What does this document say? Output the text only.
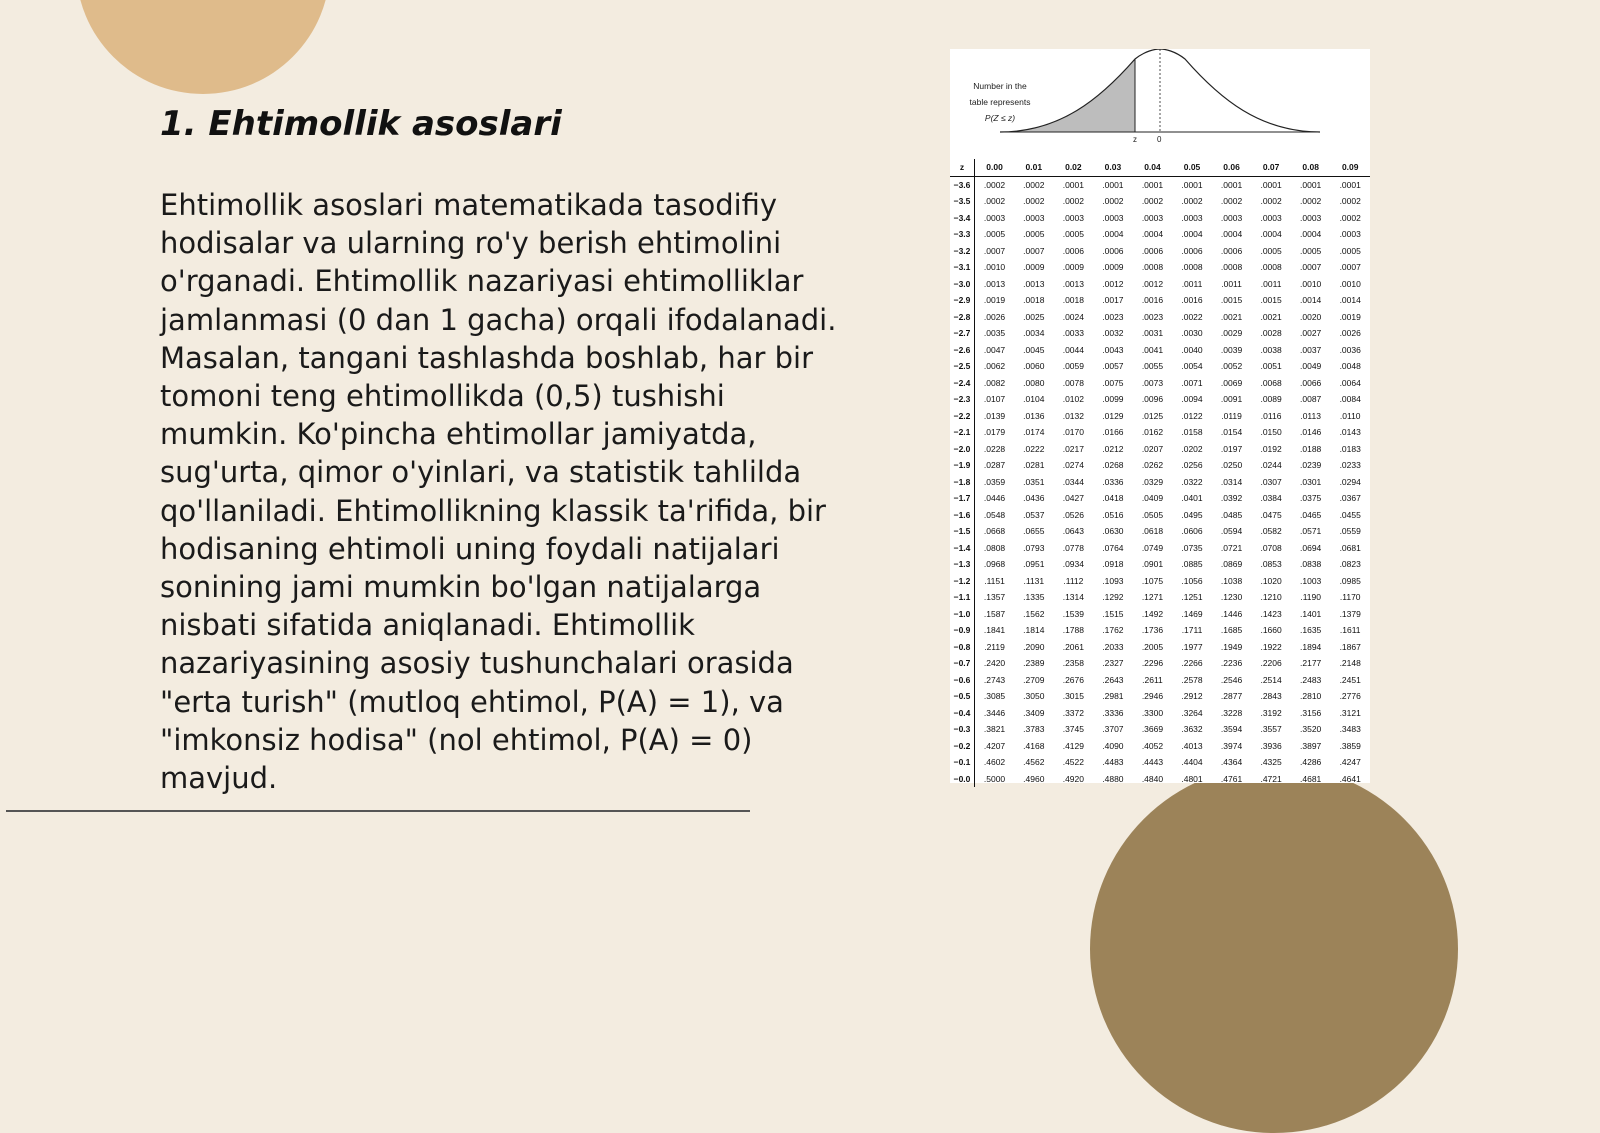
1. Ehtimollik asoslari

Ehtimollik asoslari matematikada tasodifiy hodisalar va ularning ro'y berish ehtimolini o'rganadi. Ehtimollik nazariyasi ehtimolliklar jamlanmasi (0 dan 1 gacha) orqali ifodalanadi. Masalan, tangani tashlashda boshlab, har bir tomoni teng ehtimollikda (0,5) tushishi mumkin. Ko'pincha ehtimollar jamiyatda, sug'urta, qimor o'yinlari, va statistik tahlilda qo'llaniladi. Ehtimollikning klassik ta'rifida, bir hodisaning ehtimoli uning foydali natijalari sonining jami mumkin bo'lgan natijalarga nisbati sifatida aniqlanadi. Ehtimollik nazariyasining asosiy tushunchalari orasida "erta turish" (mutloq ehtimol, P(A) = 1), va "imkonsiz hodisa" (nol ehtimol, P(A) = 0) mavjud.

Number in the
table represents
P(Z ≤ z)
z	0
z	0.00	0.01	0.02	0.03	0.04	0.05	0.06	0.07	0.08	0.09
−3.6	.0002	.0002	.0001	.0001	.0001	.0001	.0001	.0001	.0001	.0001
−3.5	.0002	.0002	.0002	.0002	.0002	.0002	.0002	.0002	.0002	.0002
−3.4	.0003	.0003	.0003	.0003	.0003	.0003	.0003	.0003	.0003	.0002
−3.3	.0005	.0005	.0005	.0004	.0004	.0004	.0004	.0004	.0004	.0003
−3.2	.0007	.0007	.0006	.0006	.0006	.0006	.0006	.0005	.0005	.0005
−3.1	.0010	.0009	.0009	.0009	.0008	.0008	.0008	.0008	.0007	.0007
−3.0	.0013	.0013	.0013	.0012	.0012	.0011	.0011	.0011	.0010	.0010
−2.9	.0019	.0018	.0018	.0017	.0016	.0016	.0015	.0015	.0014	.0014
−2.8	.0026	.0025	.0024	.0023	.0023	.0022	.0021	.0021	.0020	.0019
−2.7	.0035	.0034	.0033	.0032	.0031	.0030	.0029	.0028	.0027	.0026
−2.6	.0047	.0045	.0044	.0043	.0041	.0040	.0039	.0038	.0037	.0036
−2.5	.0062	.0060	.0059	.0057	.0055	.0054	.0052	.0051	.0049	.0048
−2.4	.0082	.0080	.0078	.0075	.0073	.0071	.0069	.0068	.0066	.0064
−2.3	.0107	.0104	.0102	.0099	.0096	.0094	.0091	.0089	.0087	.0084
−2.2	.0139	.0136	.0132	.0129	.0125	.0122	.0119	.0116	.0113	.0110
−2.1	.0179	.0174	.0170	.0166	.0162	.0158	.0154	.0150	.0146	.0143
−2.0	.0228	.0222	.0217	.0212	.0207	.0202	.0197	.0192	.0188	.0183
−1.9	.0287	.0281	.0274	.0268	.0262	.0256	.0250	.0244	.0239	.0233
−1.8	.0359	.0351	.0344	.0336	.0329	.0322	.0314	.0307	.0301	.0294
−1.7	.0446	.0436	.0427	.0418	.0409	.0401	.0392	.0384	.0375	.0367
−1.6	.0548	.0537	.0526	.0516	.0505	.0495	.0485	.0475	.0465	.0455
−1.5	.0668	.0655	.0643	.0630	.0618	.0606	.0594	.0582	.0571	.0559
−1.4	.0808	.0793	.0778	.0764	.0749	.0735	.0721	.0708	.0694	.0681
−1.3	.0968	.0951	.0934	.0918	.0901	.0885	.0869	.0853	.0838	.0823
−1.2	.1151	.1131	.1112	.1093	.1075	.1056	.1038	.1020	.1003	.0985
−1.1	.1357	.1335	.1314	.1292	.1271	.1251	.1230	.1210	.1190	.1170
−1.0	.1587	.1562	.1539	.1515	.1492	.1469	.1446	.1423	.1401	.1379
−0.9	.1841	.1814	.1788	.1762	.1736	.1711	.1685	.1660	.1635	.1611
−0.8	.2119	.2090	.2061	.2033	.2005	.1977	.1949	.1922	.1894	.1867
−0.7	.2420	.2389	.2358	.2327	.2296	.2266	.2236	.2206	.2177	.2148
−0.6	.2743	.2709	.2676	.2643	.2611	.2578	.2546	.2514	.2483	.2451
−0.5	.3085	.3050	.3015	.2981	.2946	.2912	.2877	.2843	.2810	.2776
−0.4	.3446	.3409	.3372	.3336	.3300	.3264	.3228	.3192	.3156	.3121
−0.3	.3821	.3783	.3745	.3707	.3669	.3632	.3594	.3557	.3520	.3483
−0.2	.4207	.4168	.4129	.4090	.4052	.4013	.3974	.3936	.3897	.3859
−0.1	.4602	.4562	.4522	.4483	.4443	.4404	.4364	.4325	.4286	.4247
−0.0	.5000	.4960	.4920	.4880	.4840	.4801	.4761	.4721	.4681	.4641
